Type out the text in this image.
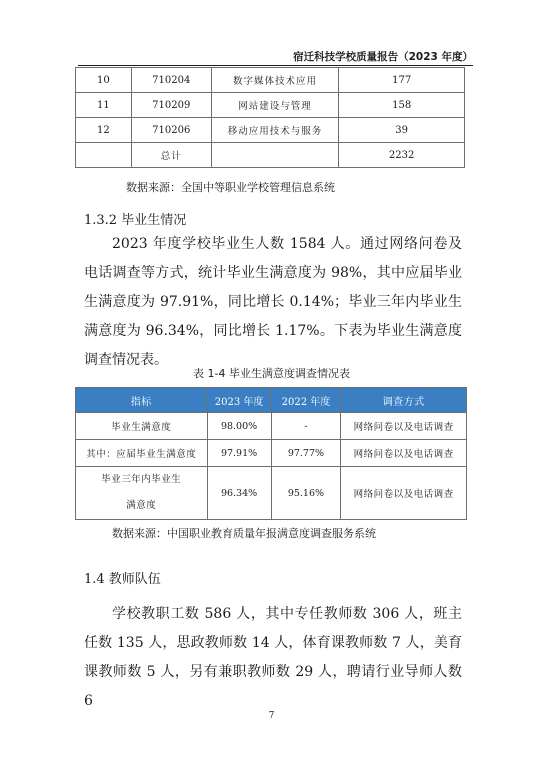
宿迁科技学校质量报告（2023 年度）
10	710204	数字媒体技术应用	177
11	710209	网站建设与管理	158
12	710206	移动应用技术与服务	39
	总计		2232
数据来源：全国中等职业学校管理信息系统
1.3.2 毕业生情况

2023 年度学校毕业生人数 1584 人。通过网络问卷及电话调查等方式，统计毕业生满意度为 98%，其中应届毕业生满意度为 97.91%，同比增长 0.14%；毕业三年内毕业生满意度为 96.34%，同比增长 1.17%。下表为毕业生满意度调查情况表。

表 1-4 毕业生满意度调查情况表
指标	2023 年度	2022 年度	调查方式
毕业生满意度	98.00%	-	网络问卷以及电话调查
其中：应届毕业生满意度	97.91%	97.77%	网络问卷以及电话调查

毕业三年内毕业生
满意度	96.34%	95.16%	网络问卷以及电话调查
数据来源：中国职业教育质量年报满意度调查服务系统
1.4 教师队伍

学校教职工数 586 人，其中专任教师数 306 人，班主任数 135 人，思政教师数 14 人，体育课教师数 7 人，美育课教师数 5 人，另有兼职教师数 29 人，聘请行业导师人数 6

7
